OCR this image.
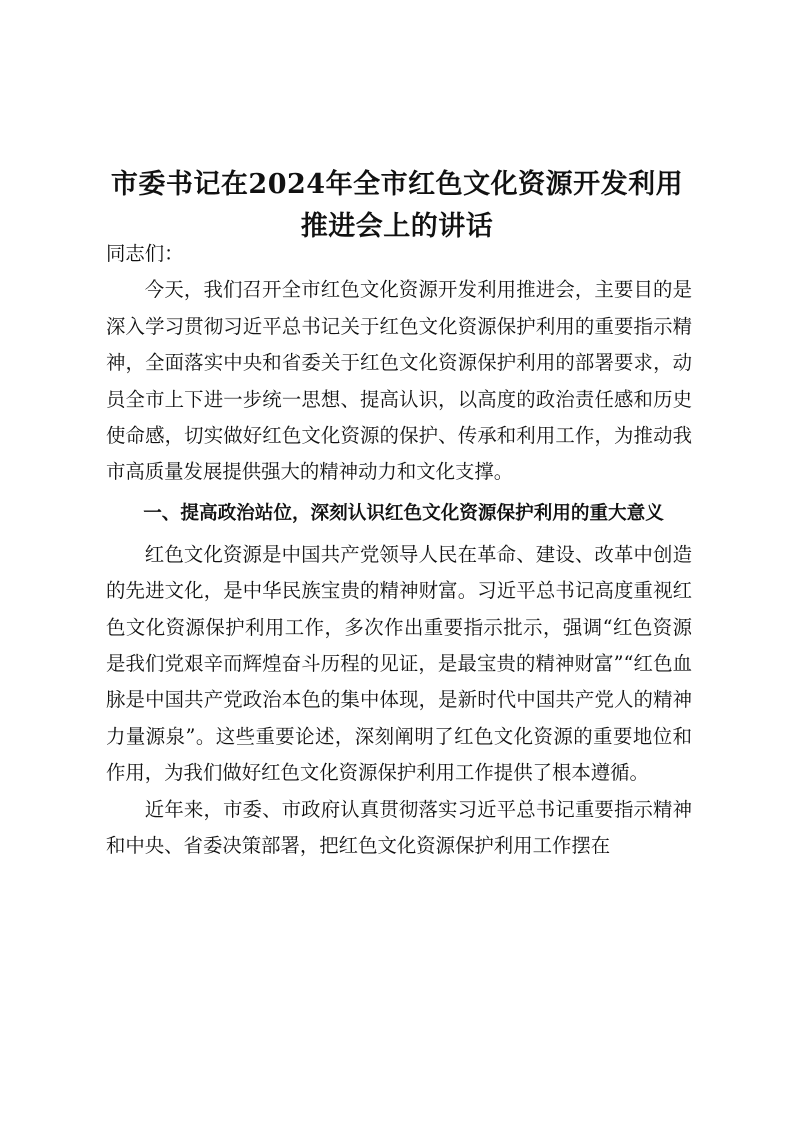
市委书记在2024年全市红色文化资源开发利用推进会上的讲话

同志们：

今天，我们召开全市红色文化资源开发利用推进会，主要目的是深入学习贯彻习近平总书记关于红色文化资源保护利用的重要指示精神，全面落实中央和省委关于红色文化资源保护利用的部署要求，动员全市上下进一步统一思想、提高认识，以高度的政治责任感和历史使命感，切实做好红色文化资源的保护、传承和利用工作，为推动我市高质量发展提供强大的精神动力和文化支撑。

一、提高政治站位，深刻认识红色文化资源保护利用的重大意义

红色文化资源是中国共产党领导人民在革命、建设、改革中创造的先进文化，是中华民族宝贵的精神财富。习近平总书记高度重视红色文化资源保护利用工作，多次作出重要指示批示，强调“红色资源是我们党艰辛而辉煌奋斗历程的见证，是最宝贵的精神财富”“红色血脉是中国共产党政治本色的集中体现，是新时代中国共产党人的精神力量源泉”。这些重要论述，深刻阐明了红色文化资源的重要地位和作用，为我们做好红色文化资源保护利用工作提供了根本遵循。

近年来，市委、市政府认真贯彻落实习近平总书记重要指示精神和中央、省委决策部署，把红色文化资源保护利用工作摆在
